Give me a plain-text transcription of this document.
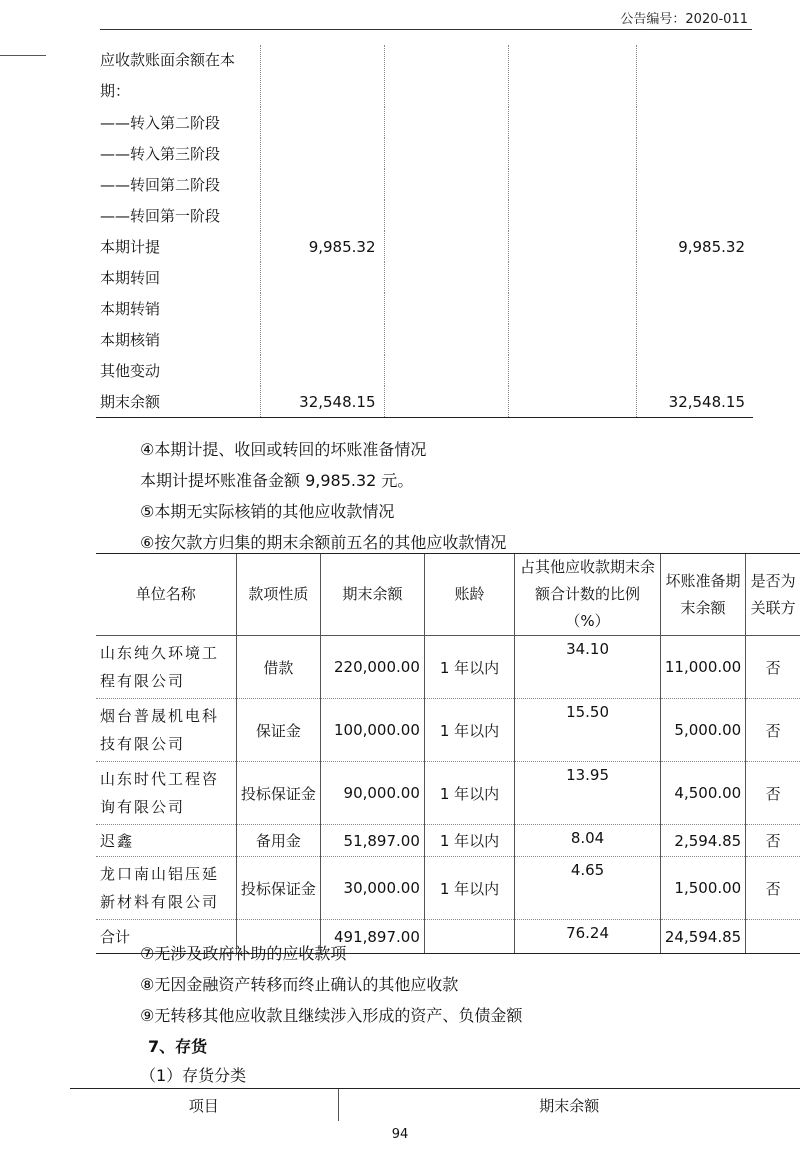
公告编号：2020-011
应收款账面余额在本期：				
——转入第二阶段				
——转入第三阶段				
——转回第二阶段				
——转回第一阶段				
本期计提	9,985.32			9,985.32
本期转回				
本期转销				
本期核销				
其他变动				
期末余额	32,548.15			32,548.15
④本期计提、收回或转回的坏账准备情况
本期计提坏账准备金额 9,985.32 元。
⑤本期无实际核销的其他应收款情况
⑥按欠款方归集的期末余额前五名的其他应收款情况
单位名称	款项性质	期末余额	账龄	占其他应收款期末余额合计数的比例（%）	坏账准备期末余额	是否为关联方
山东纯久环境工程有限公司	借款	220,000.00	1 年以内	34.10	11,000.00	否
烟台普晟机电科技有限公司	保证金	100,000.00	1 年以内	15.50	5,000.00	否
山东时代工程咨询有限公司	投标保证金	90,000.00	1 年以内	13.95	4,500.00	否
迟鑫	备用金	51,897.00	1 年以内	8.04	2,594.85	否
龙口南山铝压延新材料有限公司	投标保证金	30,000.00	1 年以内	4.65	1,500.00	否
合计		491,897.00		76.24	24,594.85	
⑦无涉及政府补助的应收款项
⑧无因金融资产转移而终止确认的其他应收款
⑨无转移其他应收款且继续涉入形成的资产、负债金额
7、存货
（1）存货分类
项目	期末余额
94
